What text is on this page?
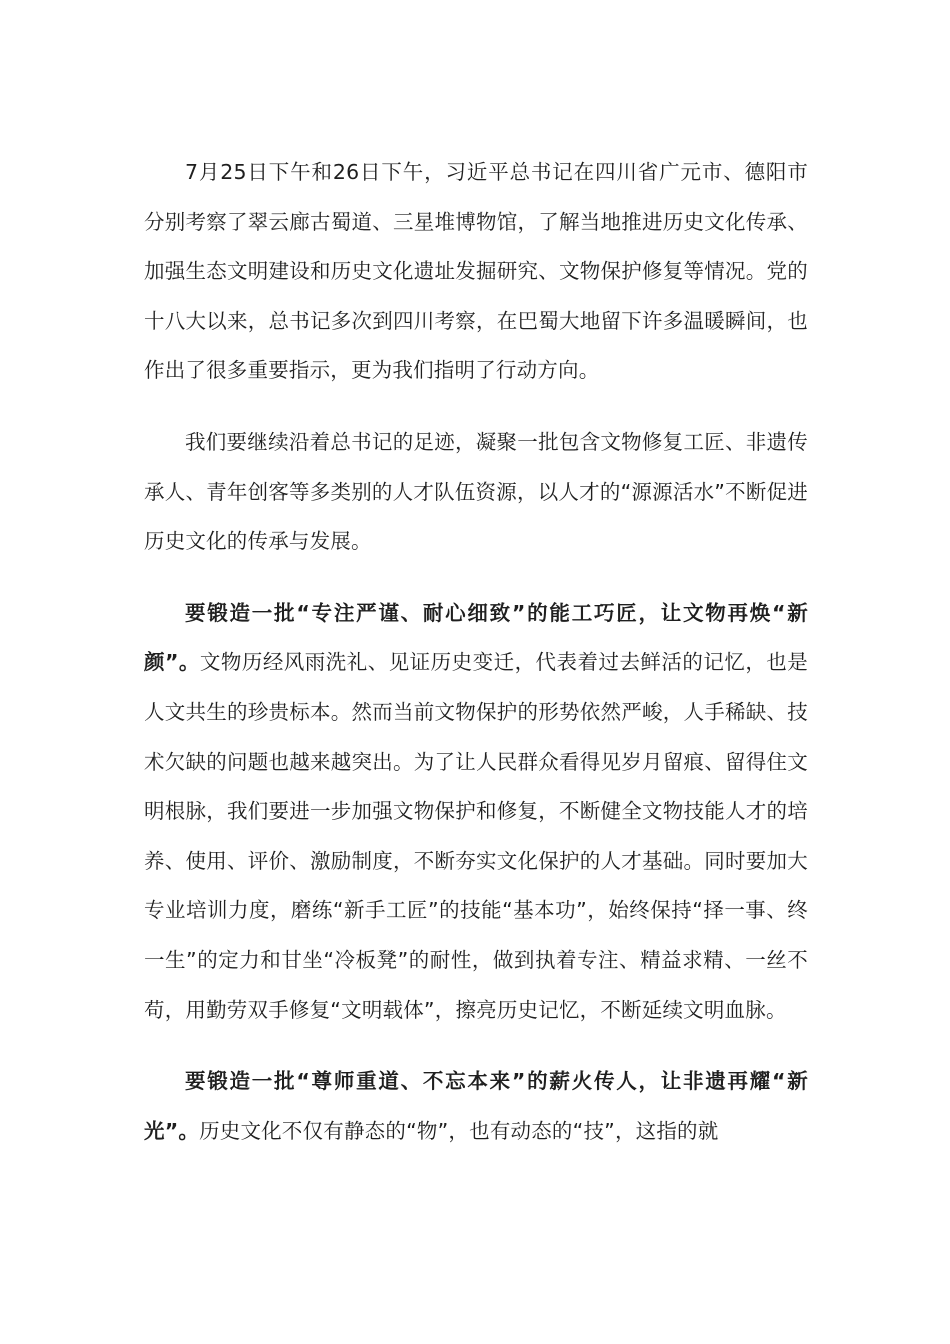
7月25日下午和26日下午，习近平总书记在四川省广元市、德阳市分别考察了翠云廊古蜀道、三星堆博物馆，了解当地推进历史文化传承、加强生态文明建设和历史文化遗址发掘研究、文物保护修复等情况。党的十八大以来，总书记多次到四川考察，在巴蜀大地留下许多温暖瞬间，也作出了很多重要指示，更为我们指明了行动方向。

我们要继续沿着总书记的足迹，凝聚一批包含文物修复工匠、非遗传承人、青年创客等多类别的人才队伍资源，以人才的“源源活水”不断促进历史文化的传承与发展。

要锻造一批“专注严谨、耐心细致”的能工巧匠，让文物再焕“新颜”。文物历经风雨洗礼、见证历史变迁，代表着过去鲜活的记忆，也是人文共生的珍贵标本。然而当前文物保护的形势依然严峻，人手稀缺、技术欠缺的问题也越来越突出。为了让人民群众看得见岁月留痕、留得住文明根脉，我们要进一步加强文物保护和修复，不断健全文物技能人才的培养、使用、评价、激励制度，不断夯实文化保护的人才基础。同时要加大专业培训力度，磨练“新手工匠”的技能“基本功”，始终保持“择一事、终一生”的定力和甘坐“冷板凳”的耐性，做到执着专注、精益求精、一丝不苟，用勤劳双手修复“文明载体”，擦亮历史记忆，不断延续文明血脉。

要锻造一批“尊师重道、不忘本来”的薪火传人，让非遗再耀“新光”。历史文化不仅有静态的“物”，也有动态的“技”，这指的就
